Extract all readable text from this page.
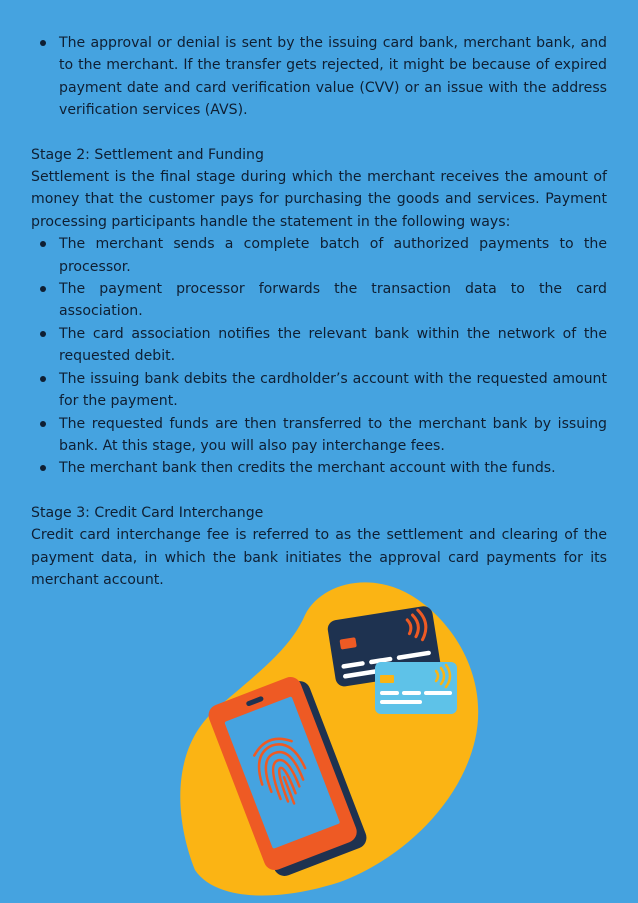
The approval or denial is sent by the issuing card bank, merchant bank, and to the merchant. If the transfer gets rejected, it might be because of expired payment date and card verification value (CVV) or an issue with the address verification services (AVS).

Stage 2: Settlement and Funding

Settlement is the final stage during which the merchant receives the amount of money that the customer pays for purchasing the goods and services. Payment processing participants handle the statement in the following ways:

The merchant sends a complete batch of authorized payments to the processor.
The payment processor forwards the transaction data to the card association.
The card association notifies the relevant bank within the network of the requested debit.
The issuing bank debits the cardholder’s account with the requested amount for the payment.
The requested funds are then transferred to the merchant bank by issuing bank. At this stage, you will also pay interchange fees.
The merchant bank then credits the merchant account with the funds.

Stage 3: Credit Card Interchange

Credit card interchange fee is referred to as the settlement and clearing of the payment data, in which the bank initiates the approval card payments for its merchant account.
